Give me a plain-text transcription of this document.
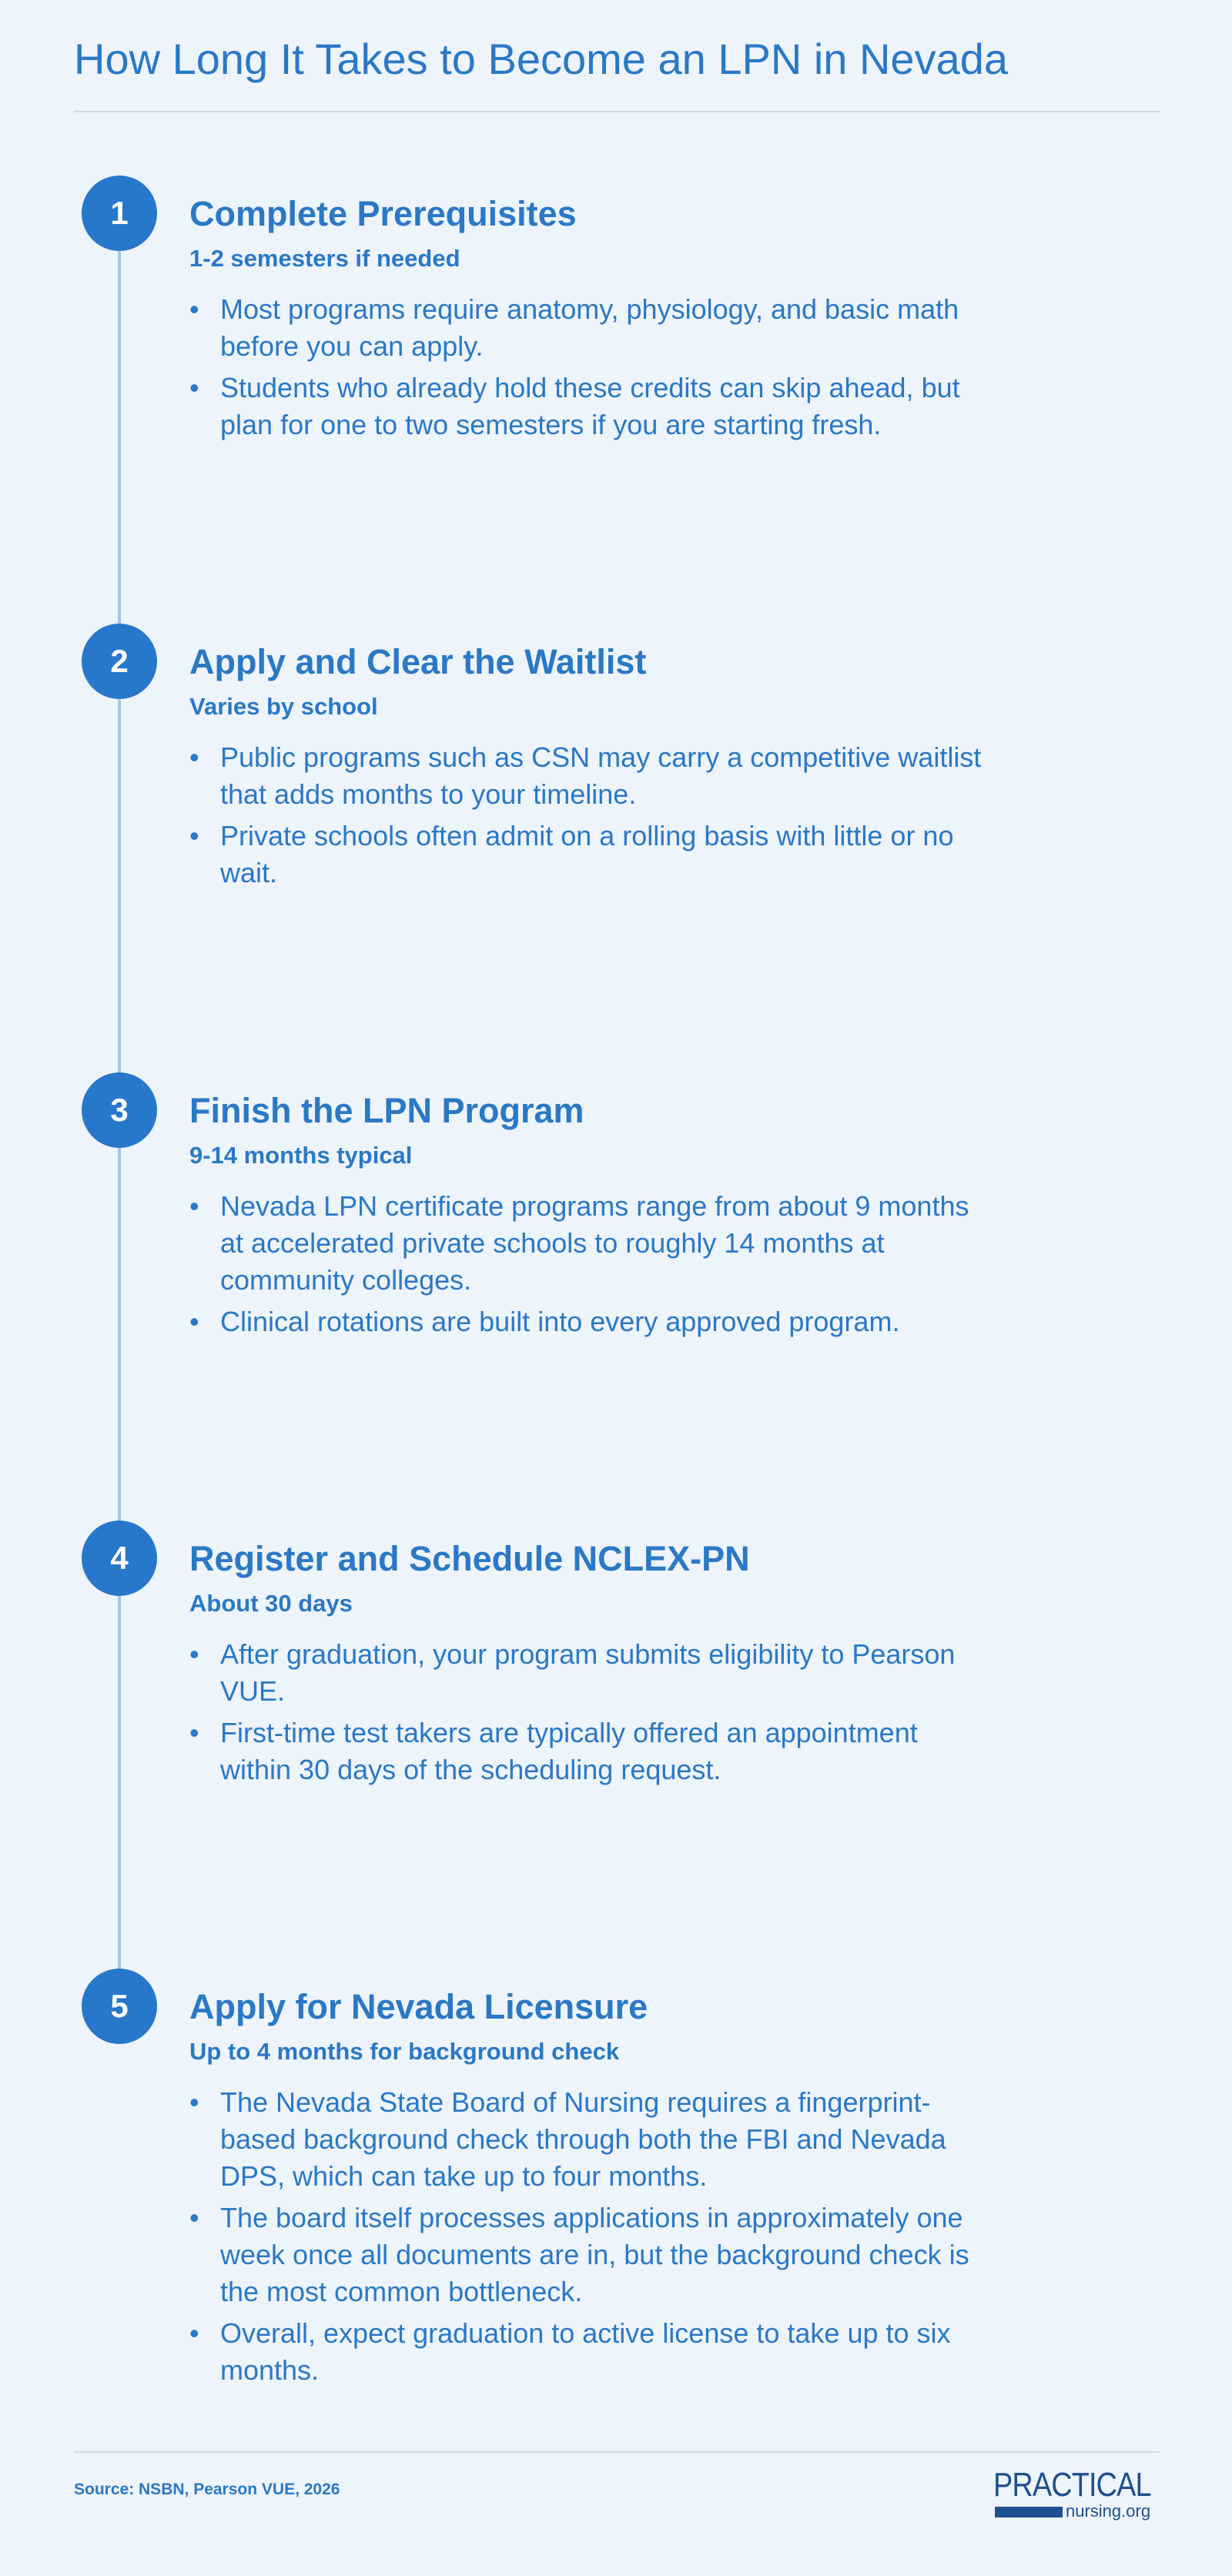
How Long It Takes to Become an LPN in Nevada
1	Complete Prerequisites
1-2 semesters if needed
• Most programs require anatomy, physiology, and basic math before you can apply.
• Students who already hold these credits can skip ahead, but plan for one to two semesters if you are starting fresh.
2	Apply and Clear the Waitlist
Varies by school
• Public programs such as CSN may carry a competitive waitlist that adds months to your timeline.
• Private schools often admit on a rolling basis with little or no wait.
3	Finish the LPN Program
9-14 months typical
• Nevada LPN certificate programs range from about 9 months at accelerated private schools to roughly 14 months at community colleges.
• Clinical rotations are built into every approved program.
4	Register and Schedule NCLEX-PN
About 30 days
• After graduation, your program submits eligibility to Pearson VUE.
• First-time test takers are typically offered an appointment within 30 days of the scheduling request.
5	Apply for Nevada Licensure
Up to 4 months for background check
• The Nevada State Board of Nursing requires a fingerprint-based background check through both the FBI and Nevada DPS, which can take up to four months.
• The board itself processes applications in approximately one week once all documents are in, but the background check is the most common bottleneck.
• Overall, expect graduation to active license to take up to six months.
Source: NSBN, Pearson VUE, 2026	PRACTICAL
nursing.org
